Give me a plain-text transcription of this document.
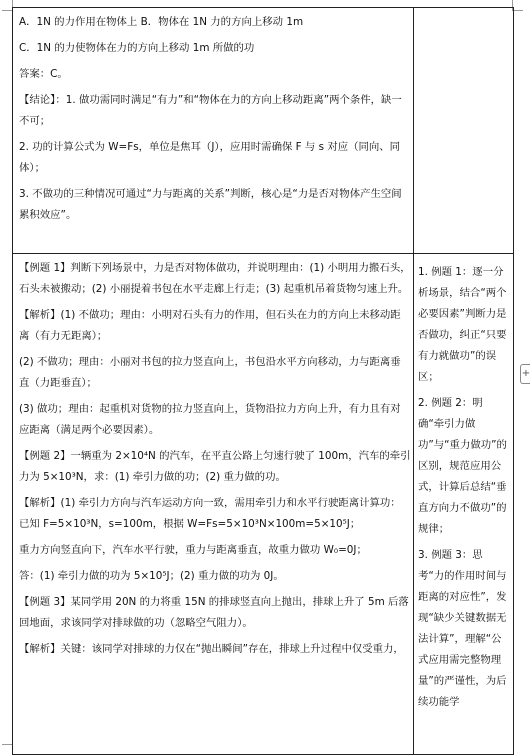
A．1N 的力作用在物体上 B．物体在 1N 力的方向上移动 1m

C．1N 的力使物体在力的方向上移动 1m 所做的功

答案：C。

【结论】：1. 做功需同时满足“有力”和“物体在力的方向上移动距离”两个条件，缺一不可；

2. 功的计算公式为 W=Fs，单位是焦耳（J），应用时需确保 F 与 s 对应（同向、同体）；

3. 不做功的三种情况可通过“力与距离的关系”判断，核心是“力是否对物体产生空间累积效应”。

【例题 1】判断下列场景中，力是否对物体做功，并说明理由：(1) 小明用力搬石头，石头未被搬动；(2) 小丽提着书包在水平走廊上行走；(3) 起重机吊着货物匀速上升。

【解析】(1) 不做功；理由：小明对石头有力的作用，但石头在力的方向上未移动距离（有力无距离）；

(2) 不做功；理由：小丽对书包的拉力竖直向上，书包沿水平方向移动，力与距离垂直（力距垂直）；

(3) 做功；理由：起重机对货物的拉力竖直向上，货物沿拉力方向上升，有力且有对应距离（满足两个必要因素）。

【例题 2】一辆重为 2×10⁴N 的汽车，在平直公路上匀速行驶了 100m，汽车的牵引力为 5×10³N，求：(1) 牵引力做的功；(2) 重力做的功。

【解析】(1) 牵引力方向与汽车运动方向一致，需用牵引力和水平行驶距离计算功：已知 F=5×10³N，s=100m，根据 W=Fs=5×10³N×100m=5×10⁵J；

重力方向竖直向下，汽车水平行驶，重力与距离垂直，故重力做功 W₀=0J；

答：(1) 牵引力做的功为 5×10⁵J；(2) 重力做的功为 0J。

【例题 3】某同学用 20N 的力将重 15N 的排球竖直向上抛出，排球上升了 5m 后落回地面，求该同学对排球做的功（忽略空气阻力）。

【解析】关键：该同学对排球的力仅在“抛出瞬间”存在，排球上升过程中仅受重力，

1. 例题 1：逐一分析场景，结合“两个必要因素”判断力是否做功，纠正“只要有力就做功”的误区；

2. 例题 2：明确“牵引力做功”与“重力做功”的区别，规范应用公式，计算后总结“垂直方向力不做功”的规律；

3. 例题 3：思考“力的作用时间与距离的对应性”，发现“缺少关键数据无法计算”，理解“公式应用需完整物理量”的严谨性，为后续功能学

+
